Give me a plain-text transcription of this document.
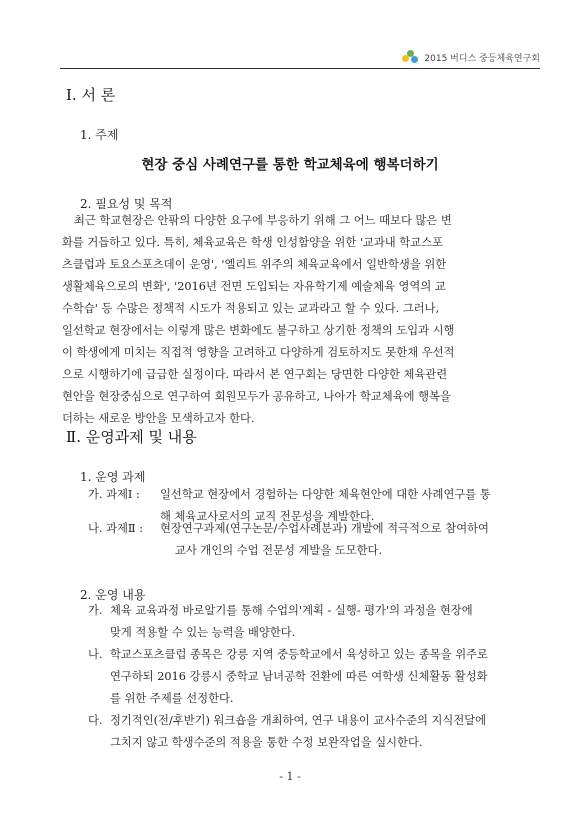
2015 버디스 중등체육연구회
Ⅰ. 서 론
1. 주제
현장 중심 사례연구를 통한 학교체육에 행복더하기
2. 필요성 및 목적
최근 학교현장은 안팎의 다양한 요구에 부응하기 위해 그 어느 때보다 많은 변
화를 거듭하고 있다. 특히, 체육교육은 학생 인성함양을 위한 '교과내 학교스포
츠클럽과 토요스포츠데이 운영', '엘리트 위주의 체육교육에서 일반학생을 위한
생활체육으로의 변화', '2016년 전면 도입되는 자유학기제 예술체육 영역의 교
수학습' 등 수많은 정책적 시도가 적용되고 있는 교과라고 할 수 있다. 그러나,
일선학교 현장에서는 이렇게 많은 변화에도 불구하고 상기한 정책의 도입과 시행
이 학생에게 미치는 직접적 영향을 고려하고 다양하게 검토하지도 못한채 우선적
으로 시행하기에 급급한 실정이다. 따라서 본 연구회는 당면한 다양한 체육관련
현안을 현장중심으로 연구하여 회원모두가 공유하고, 나아가 학교체육에 행복을
더하는 새로운 방안을 모색하고자 한다.
Ⅱ. 운영과제 및 내용
1. 운영 과제
가. 과제Ⅰ : 일선학교 현장에서 경험하는 다양한 체육현안에 대한 사례연구를 통
해 체육교사로서의 교직 전문성을 계발한다.
나. 과제Ⅱ : 현장연구과제(연구논문/수업사례분과) 개발에 적극적으로 참여하여
교사 개인의 수업 전문성 계발을 도모한다.
2. 운영 내용
가. 체육 교육과정 바로알기를 통해 수업의'계획 - 실행- 평가'의 과정을 현장에
맞게 적용할 수 있는 능력을 배양한다.
나. 학교스포츠클럽 종목은 강릉 지역 중등학교에서 육성하고 있는 종목을 위주로
연구하되 2016 강릉시 중학교 남녀공학 전환에 따른 여학생 신체활동 활성화
를 위한 주제를 선정한다.
다. 정기적인(전/후반기) 워크숍을 개최하여, 연구 내용이 교사수준의 지식전달에
그치지 않고 학생수준의 적용을 통한 수정 보완작업을 실시한다.
- 1 -
